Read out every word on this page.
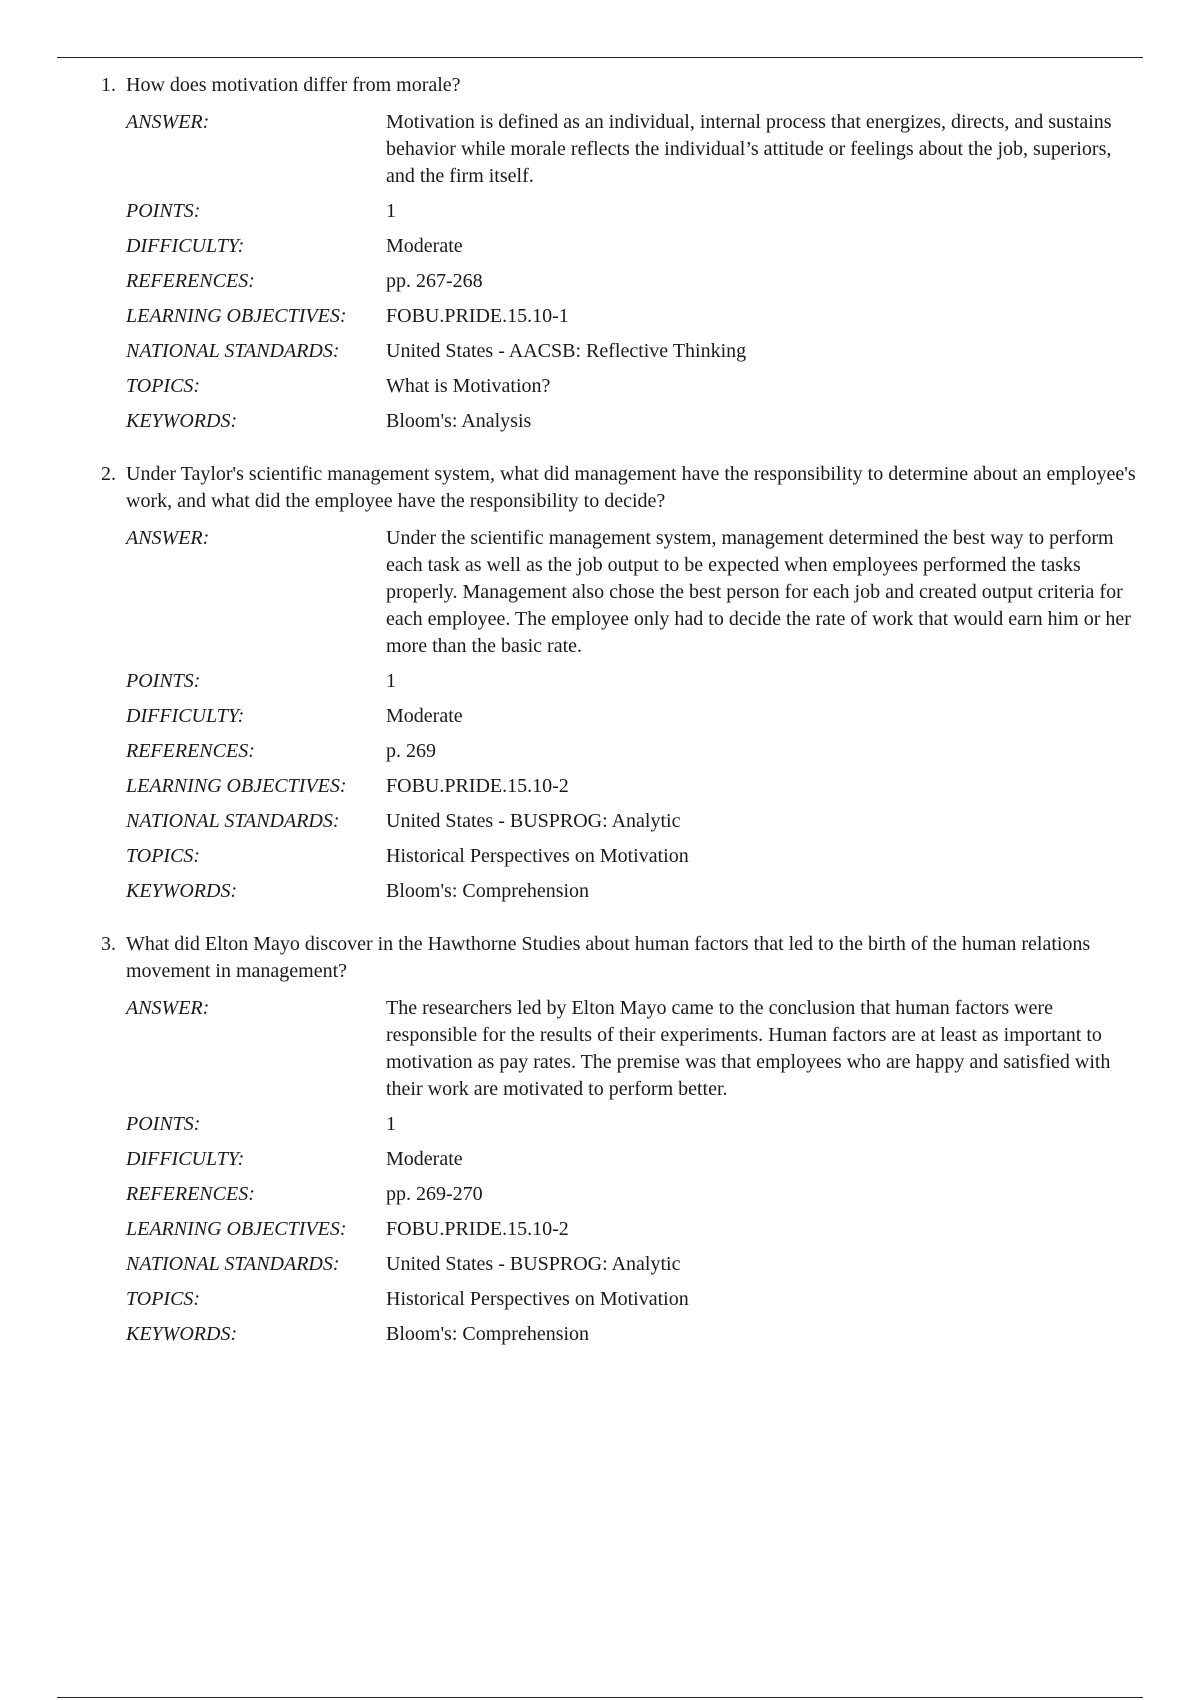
1. How does motivation differ from morale?
ANSWER:	Motivation is defined as an individual, internal process that energizes, directs, and sustains behavior while morale reflects the individual’s attitude or feelings about the job, superiors, and the firm itself.
POINTS:	1
DIFFICULTY:	Moderate
REFERENCES:	pp. 267-268
LEARNING OBJECTIVES:	FOBU.PRIDE.15.10-1
NATIONAL STANDARDS:	United States - AACSB: Reflective Thinking
TOPICS:	What is Motivation?
KEYWORDS:	Bloom's: Analysis
2. Under Taylor's scientific management system, what did management have the responsibility to determine about an employee's work, and what did the employee have the responsibility to decide?
ANSWER:	Under the scientific management system, management determined the best way to perform each task as well as the job output to be expected when employees performed the tasks properly. Management also chose the best person for each job and created output criteria for each employee. The employee only had to decide the rate of work that would earn him or her more than the basic rate.
POINTS:	1
DIFFICULTY:	Moderate
REFERENCES:	p. 269
LEARNING OBJECTIVES:	FOBU.PRIDE.15.10-2
NATIONAL STANDARDS:	United States - BUSPROG: Analytic
TOPICS:	Historical Perspectives on Motivation
KEYWORDS:	Bloom's: Comprehension
3. What did Elton Mayo discover in the Hawthorne Studies about human factors that led to the birth of the human relations movement in management?
ANSWER:	The researchers led by Elton Mayo came to the conclusion that human factors were responsible for the results of their experiments. Human factors are at least as important to motivation as pay rates. The premise was that employees who are happy and satisfied with their work are motivated to perform better.
POINTS:	1
DIFFICULTY:	Moderate
REFERENCES:	pp. 269-270
LEARNING OBJECTIVES:	FOBU.PRIDE.15.10-2
NATIONAL STANDARDS:	United States - BUSPROG: Analytic
TOPICS:	Historical Perspectives on Motivation
KEYWORDS:	Bloom's: Comprehension
